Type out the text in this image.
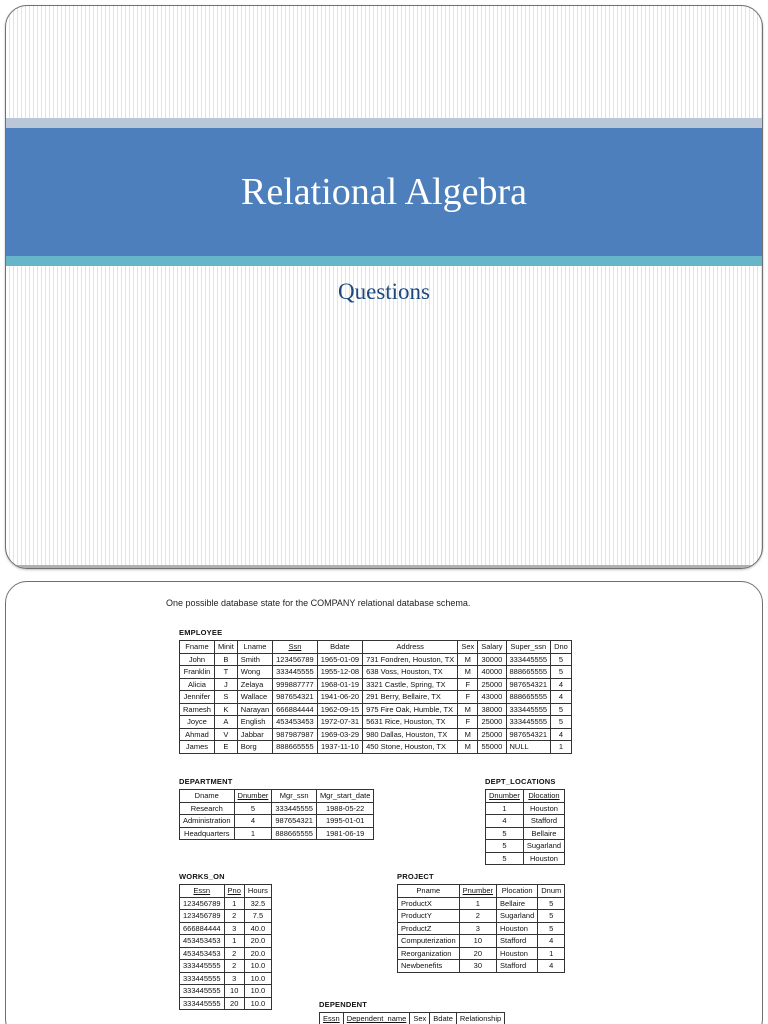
Relational Algebra
Questions
One possible database state for the COMPANY relational database schema.
EMPLOYEE
Fname	Minit	Lname	Ssn	Bdate	Address	Sex	Salary	Super_ssn	Dno
John	B	Smith	123456789	1965-01-09	731 Fondren, Houston, TX	M	30000	333445555	5
Franklin	T	Wong	333445555	1955-12-08	638 Voss, Houston, TX	M	40000	888665555	5
Alicia	J	Zelaya	999887777	1968-01-19	3321 Castle, Spring, TX	F	25000	987654321	4
Jennifer	S	Wallace	987654321	1941-06-20	291 Berry, Bellaire, TX	F	43000	888665555	4
Ramesh	K	Narayan	666884444	1962-09-15	975 Fire Oak, Humble, TX	M	38000	333445555	5
Joyce	A	English	453453453	1972-07-31	5631 Rice, Houston, TX	F	25000	333445555	5
Ahmad	V	Jabbar	987987987	1969-03-29	980 Dallas, Houston, TX	M	25000	987654321	4
James	E	Borg	888665555	1937-11-10	450 Stone, Houston, TX	M	55000	NULL	1
DEPARTMENT
Dname	Dnumber	Mgr_ssn	Mgr_start_date
Research	5	333445555	1988-05-22
Administration	4	987654321	1995-01-01
Headquarters	1	888665555	1981-06-19
DEPT_LOCATIONS
Dnumber	Dlocation
1	Houston
4	Stafford
5	Bellaire
5	Sugarland
5	Houston
WORKS_ON
Essn	Pno	Hours
123456789	1	32.5
123456789	2	7.5
666884444	3	40.0
453453453	1	20.0
453453453	2	20.0
333445555	2	10.0
333445555	3	10.0
333445555	10	10.0
333445555	20	10.0
PROJECT
Pname	Pnumber	Plocation	Dnum
ProductX	1	Bellaire	5
ProductY	2	Sugarland	5
ProductZ	3	Houston	5
Computerization	10	Stafford	4
Reorganization	20	Houston	1
Newbenefits	30	Stafford	4
DEPENDENT
Essn	Dependent_name	Sex	Bdate	Relationship
